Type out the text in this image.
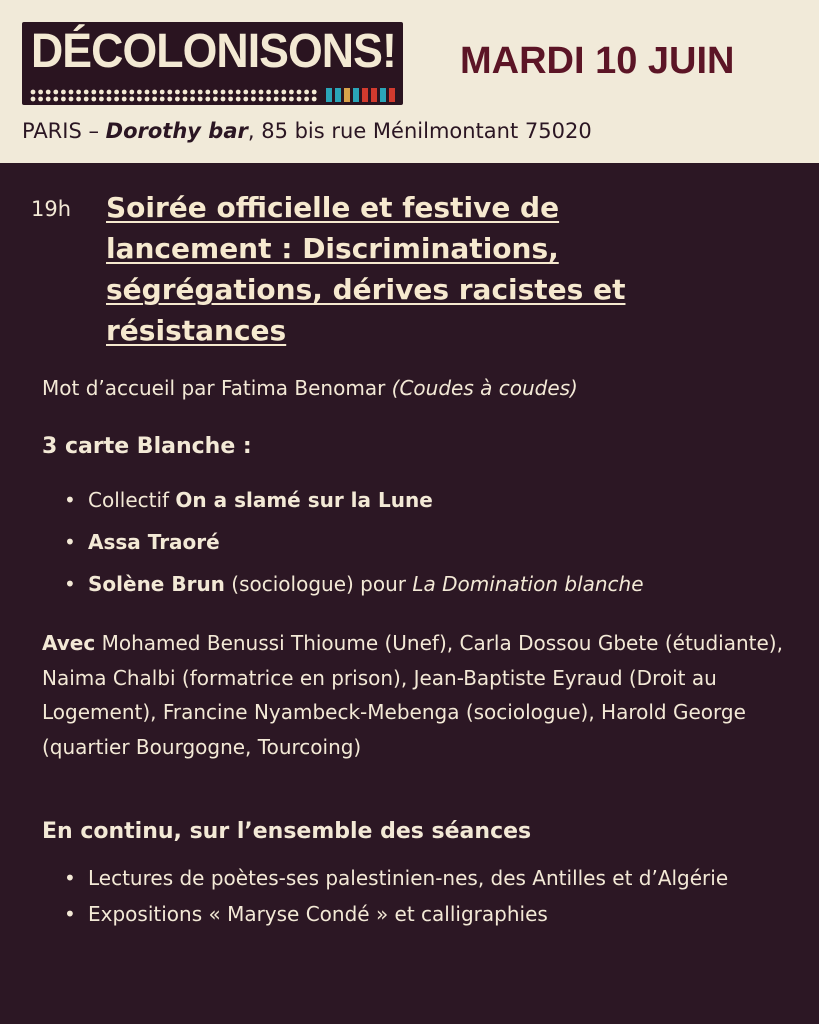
DÉCOLONISONS! MARDI 10 JUIN
PARIS – Dorothy bar, 85 bis rue Ménilmontant 75020
19h Soirée officielle et festive de lancement : Discriminations, ségrégations, dérives racistes et résistances
Mot d’accueil par Fatima Benomar (Coudes à coudes)
3 carte Blanche :
• Collectif On a slamé sur la Lune
• Assa Traoré
• Solène Brun (sociologue) pour La Domination blanche
Avec Mohamed Benussi Thioume (Unef), Carla Dossou Gbete (étudiante), Naima Chalbi (formatrice en prison), Jean-Baptiste Eyraud (Droit au Logement), Francine Nyambeck-Mebenga (sociologue), Harold George (quartier Bourgogne, Tourcoing)
En continu, sur l’ensemble des séances
• Lectures de poètes-ses palestinien-nes, des Antilles et d’Algérie
• Expositions « Maryse Condé » et calligraphies
